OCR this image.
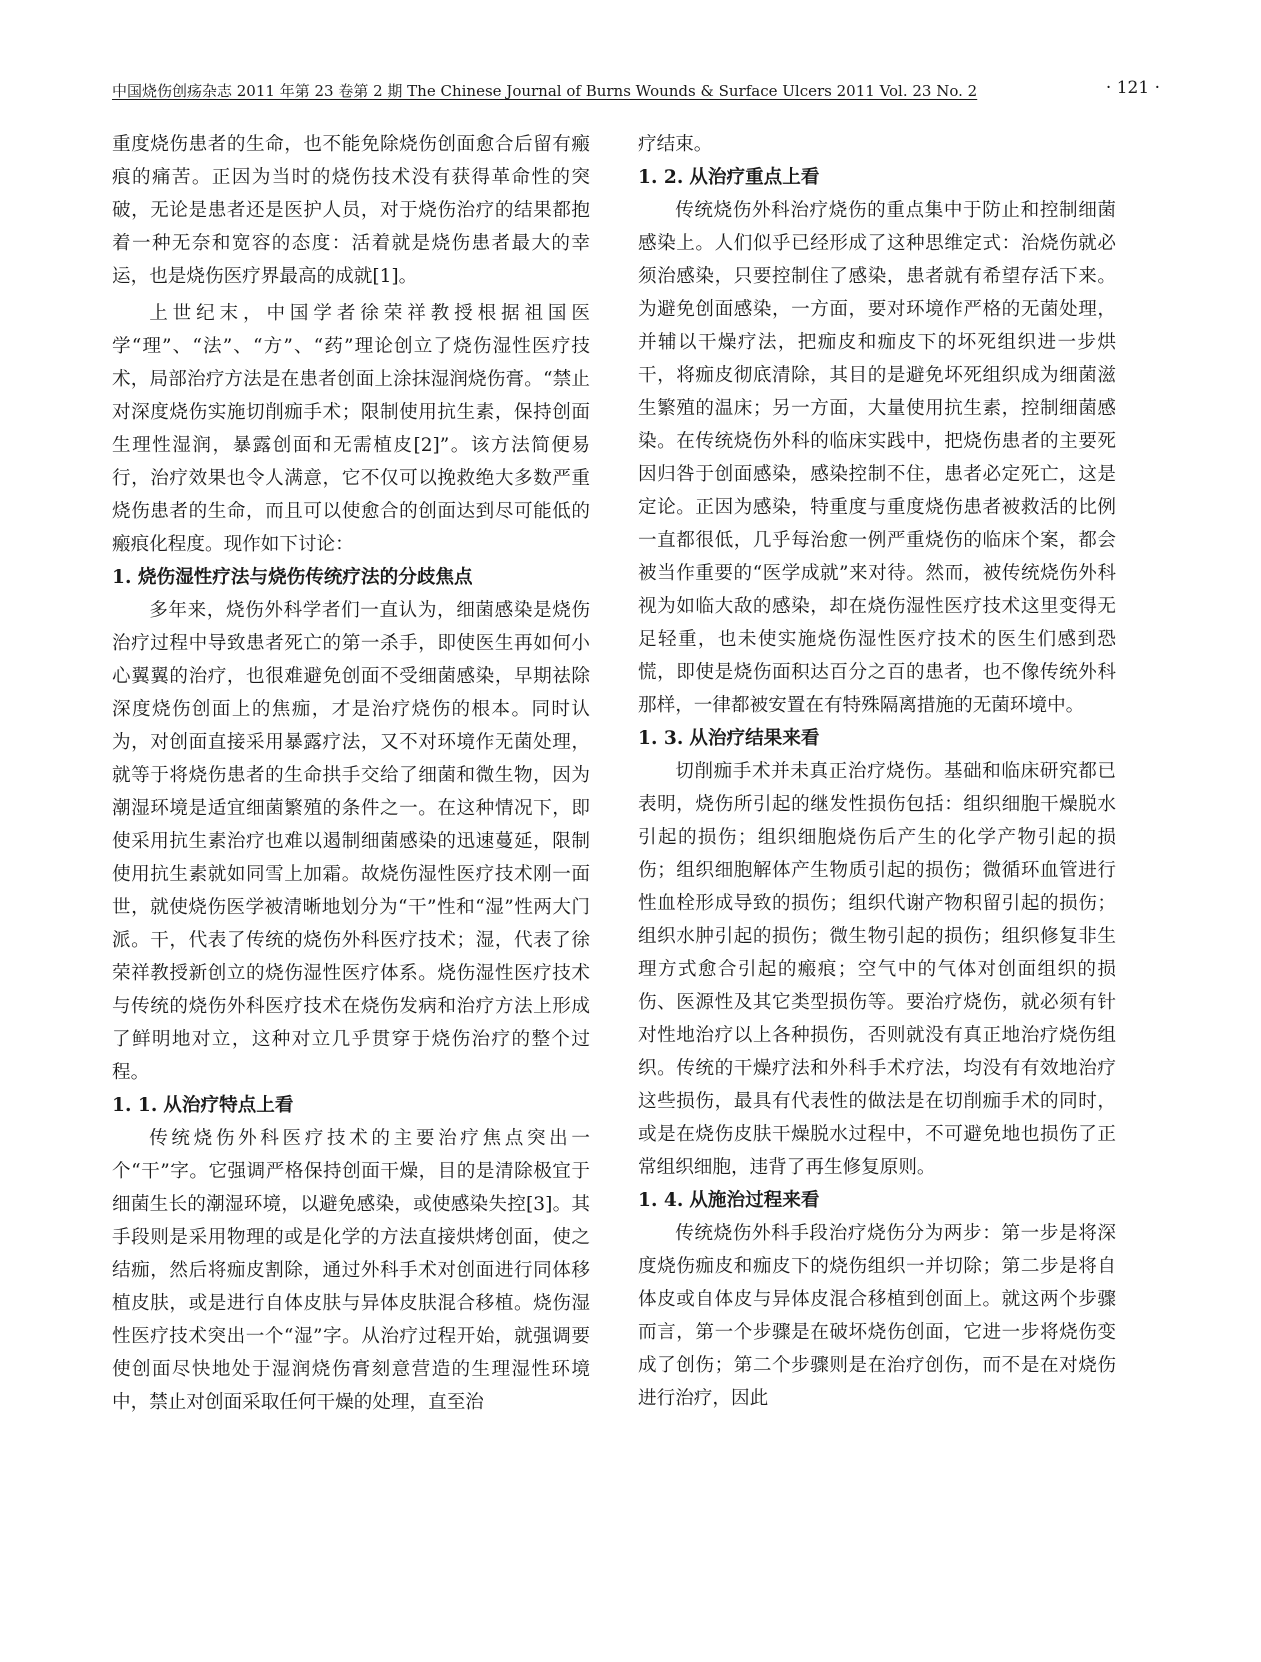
中国烧伤创疡杂志 2011 年第 23 卷第 2 期 The Chinese Journal of Burns Wounds & Surface Ulcers 2011 Vol. 23 No. 2	· 121 ·

重度烧伤患者的生命，也不能免除烧伤创面愈合后留有瘢痕的痛苦。正因为当时的烧伤技术没有获得革命性的突破，无论是患者还是医护人员，对于烧伤治疗的结果都抱着一种无奈和宽容的态度：活着就是烧伤患者最大的幸运，也是烧伤医疗界最高的成就[1]。

上世纪末，中国学者徐荣祥教授根据祖国医学“理”、“法”、“方”、“药”理论创立了烧伤湿性医疗技术，局部治疗方法是在患者创面上涂抹湿润烧伤膏。“禁止对深度烧伤实施切削痂手术；限制使用抗生素，保持创面生理性湿润，暴露创面和无需植皮[2]”。该方法简便易行，治疗效果也令人满意，它不仅可以挽救绝大多数严重烧伤患者的生命，而且可以使愈合的创面达到尽可能低的瘢痕化程度。现作如下讨论：

1. 烧伤湿性疗法与烧伤传统疗法的分歧焦点

多年来，烧伤外科学者们一直认为，细菌感染是烧伤治疗过程中导致患者死亡的第一杀手，即使医生再如何小心翼翼的治疗，也很难避免创面不受细菌感染，早期祛除深度烧伤创面上的焦痂，才是治疗烧伤的根本。同时认为，对创面直接采用暴露疗法，又不对环境作无菌处理，就等于将烧伤患者的生命拱手交给了细菌和微生物，因为潮湿环境是适宜细菌繁殖的条件之一。在这种情况下，即使采用抗生素治疗也难以遏制细菌感染的迅速蔓延，限制使用抗生素就如同雪上加霜。故烧伤湿性医疗技术刚一面世，就使烧伤医学被清晰地划分为“干”性和“湿”性两大门派。干，代表了传统的烧伤外科医疗技术；湿，代表了徐荣祥教授新创立的烧伤湿性医疗体系。烧伤湿性医疗技术与传统的烧伤外科医疗技术在烧伤发病和治疗方法上形成了鲜明地对立，这种对立几乎贯穿于烧伤治疗的整个过程。

1. 1. 从治疗特点上看

传统烧伤外科医疗技术的主要治疗焦点突出一个“干”字。它强调严格保持创面干燥，目的是清除极宜于细菌生长的潮湿环境，以避免感染，或使感染失控[3]。其手段则是采用物理的或是化学的方法直接烘烤创面，使之结痂，然后将痂皮割除，通过外科手术对创面进行同体移植皮肤，或是进行自体皮肤与异体皮肤混合移植。烧伤湿性医疗技术突出一个“湿”字。从治疗过程开始，就强调要使创面尽快地处于湿润烧伤膏刻意营造的生理湿性环境中，禁止对创面采取任何干燥的处理，直至治

疗结束。

1. 2. 从治疗重点上看

传统烧伤外科治疗烧伤的重点集中于防止和控制细菌感染上。人们似乎已经形成了这种思维定式：治烧伤就必须治感染，只要控制住了感染，患者就有希望存活下来。为避免创面感染，一方面，要对环境作严格的无菌处理，并辅以干燥疗法，把痂皮和痂皮下的坏死组织进一步烘干，将痂皮彻底清除，其目的是避免坏死组织成为细菌滋生繁殖的温床；另一方面，大量使用抗生素，控制细菌感染。在传统烧伤外科的临床实践中，把烧伤患者的主要死因归咎于创面感染，感染控制不住，患者必定死亡，这是定论。正因为感染，特重度与重度烧伤患者被救活的比例一直都很低，几乎每治愈一例严重烧伤的临床个案，都会被当作重要的“医学成就”来对待。然而，被传统烧伤外科视为如临大敌的感染，却在烧伤湿性医疗技术这里变得无足轻重，也未使实施烧伤湿性医疗技术的医生们感到恐慌，即使是烧伤面积达百分之百的患者，也不像传统外科那样，一律都被安置在有特殊隔离措施的无菌环境中。

1. 3. 从治疗结果来看

切削痂手术并未真正治疗烧伤。基础和临床研究都已表明，烧伤所引起的继发性损伤包括：组织细胞干燥脱水引起的损伤；组织细胞烧伤后产生的化学产物引起的损伤；组织细胞解体产生物质引起的损伤；微循环血管进行性血栓形成导致的损伤；组织代谢产物积留引起的损伤；组织水肿引起的损伤；微生物引起的损伤；组织修复非生理方式愈合引起的瘢痕；空气中的气体对创面组织的损伤、医源性及其它类型损伤等。要治疗烧伤，就必须有针对性地治疗以上各种损伤，否则就没有真正地治疗烧伤组织。传统的干燥疗法和外科手术疗法，均没有有效地治疗这些损伤，最具有代表性的做法是在切削痂手术的同时，或是在烧伤皮肤干燥脱水过程中，不可避免地也损伤了正常组织细胞，违背了再生修复原则。

1. 4. 从施治过程来看

传统烧伤外科手段治疗烧伤分为两步：第一步是将深度烧伤痂皮和痂皮下的烧伤组织一并切除；第二步是将自体皮或自体皮与异体皮混合移植到创面上。就这两个步骤而言，第一个步骤是在破坏烧伤创面，它进一步将烧伤变成了创伤；第二个步骤则是在治疗创伤，而不是在对烧伤进行治疗，因此
